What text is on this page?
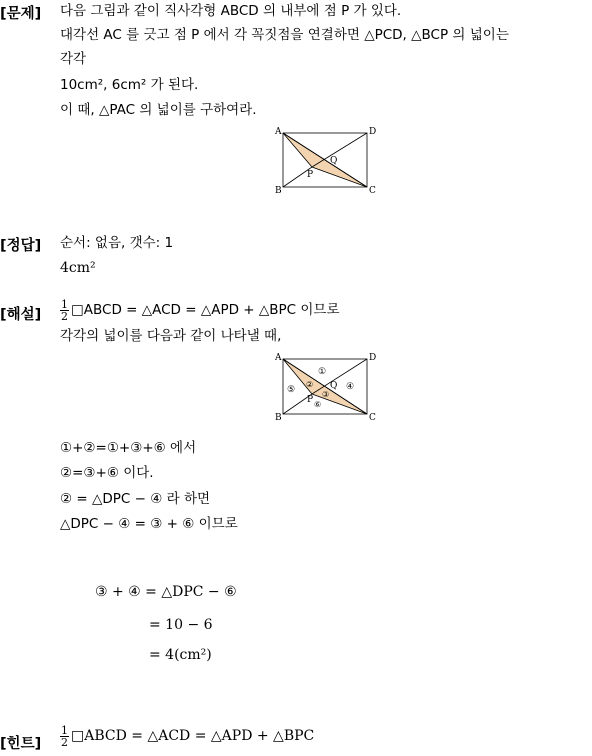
[문제] 다음 그림과 같이 직사각형 ABCD 의 내부에 점 P 가 있다.
대각선 AC 를 긋고 점 P 에서 각 꼭짓점을 연결하면 △PCD, △BCP 의 넓이는
각각
10cm², 6cm² 가 된다.
이 때, △PAC 의 넓이를 구하여라.
A	D
B	C
P
Q
[정답] 순서: 없음, 갯수: 1
4cm²
[해설] $\frac{1}{2}$ □ABCD = △ACD = △APD + △BPC 이므로
각각의 넓이를 다음과 같이 나타낼 때,
A	D
B	C
P
Q
①
②
③
④
⑤
⑥
①+②=①+③+⑥ 에서
②=③+⑥ 이다.
② = △DPC − ④ 라 하면
△DPC − ④ = ③ + ⑥ 이므로
③ + ④ = △DPC − ⑥
= 10 − 6
= 4(cm²)
[힌트] $\frac{1}{2}$ □ABCD = △ACD = △APD + △BPC
